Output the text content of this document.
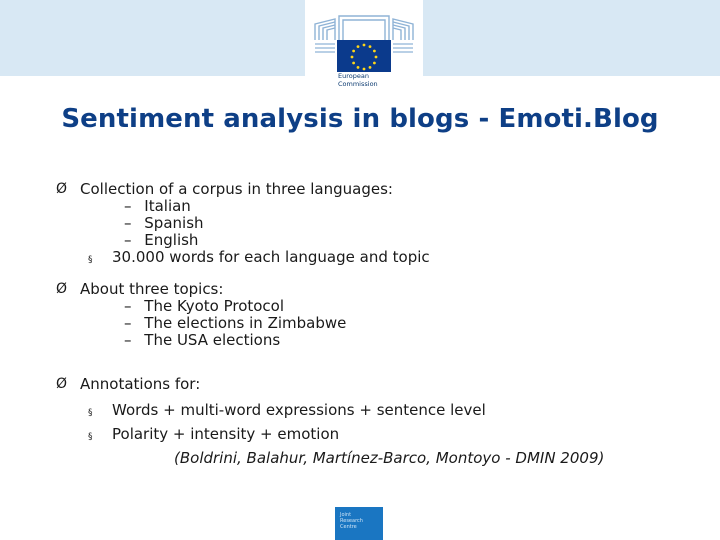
European
Commission
Sentiment analysis in blogs - Emoti.Blog
Ø Collection of a corpus in three languages:
– Italian
– Spanish
– English
§ 30.000 words for each language and topic
Ø About three topics:
– The Kyoto Protocol
– The elections in Zimbabwe
– The USA elections
Ø Annotations for:
§ Words + multi-word expressions + sentence level
§ Polarity + intensity + emotion
(Boldrini, Balahur, Martínez-Barco, Montoyo - DMIN 2009)
Joint
Research
Centre
